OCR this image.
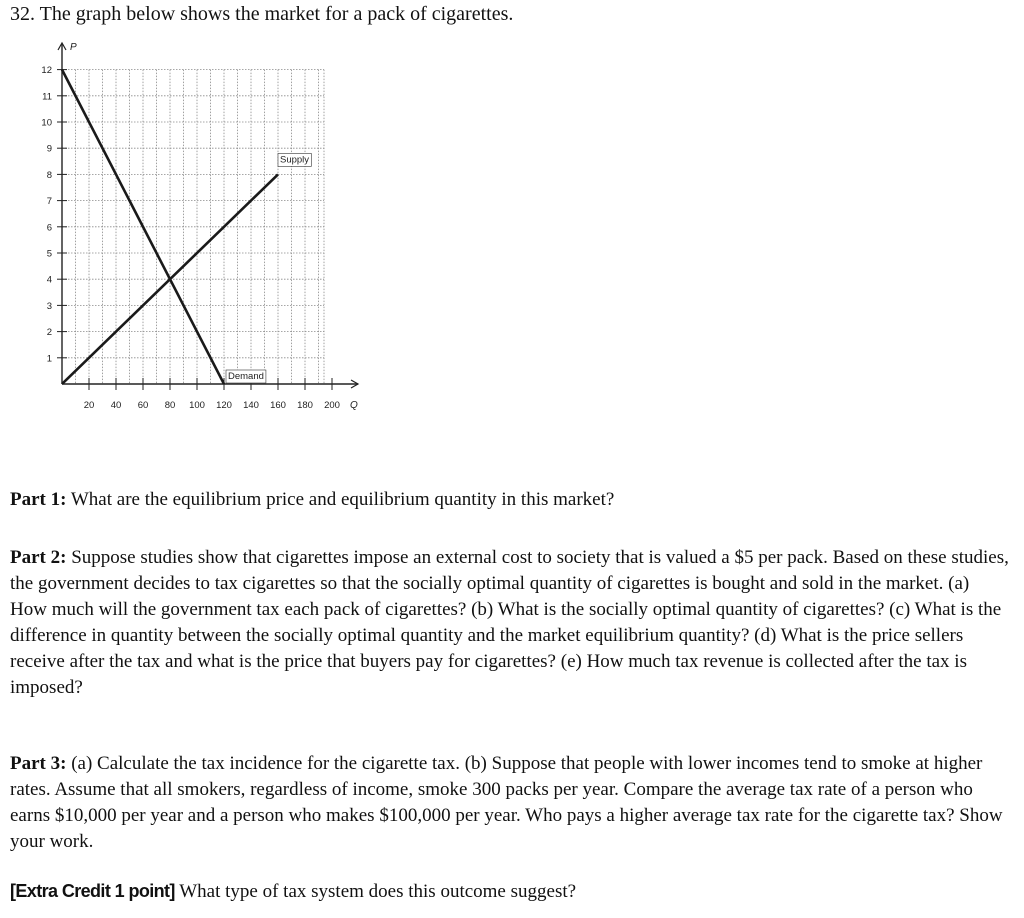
32. The graph below shows the market for a pack of cigarettes.
1
2
3
4
5
6
7
8
9
10
11
12
20 40 60 80 100 120 140 160 180 200
P
Q
Supply
Demand

Part 1: What are the equilibrium price and equilibrium quantity in this market?

Part 2: Suppose studies show that cigarettes impose an external cost to society that is valued a $5 per pack. Based on these studies, the government decides to tax cigarettes so that the socially optimal quantity of cigarettes is bought and sold in the market. (a) How much will the government tax each pack of cigarettes? (b) What is the socially optimal quantity of cigarettes? (c) What is the difference in quantity between the socially optimal quantity and the market equilibrium quantity? (d) What is the price sellers receive after the tax and what is the price that buyers pay for cigarettes? (e) How much tax revenue is collected after the tax is imposed?

Part 3: (a) Calculate the tax incidence for the cigarette tax. (b) Suppose that people with lower incomes tend to smoke at higher rates. Assume that all smokers, regardless of income, smoke 300 packs per year. Compare the average tax rate of a person who earns $10,000 per year and a person who makes $100,000 per year. Who pays a higher average tax rate for the cigarette tax? Show your work.

[Extra Credit 1 point] What type of tax system does this outcome suggest?
